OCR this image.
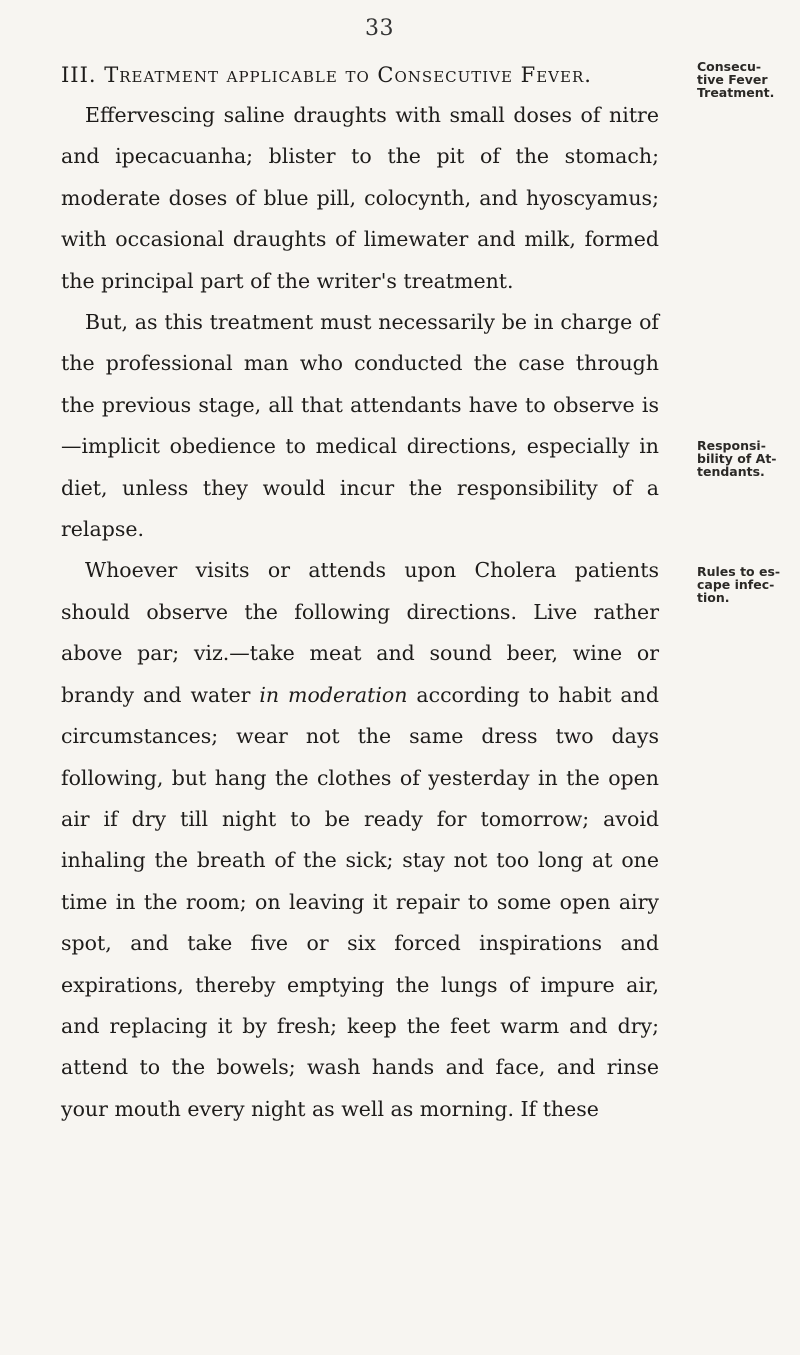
33

III. Treatment applicable to Consecutive Fever.

Effervescing saline draughts with small doses of nitre and ipecacuanha; blister to the pit of the stomach; moderate doses of blue pill, colocynth, and hyoscyamus; with occasional draughts of limewater and milk, formed the principal part of the writer's treatment.

But, as this treatment must necessarily be in charge of the professional man who conducted the case through the previous stage, all that attendants have to observe is—implicit obedience to medical directions, especially in diet, unless they would incur the responsibility of a relapse.

Whoever visits or attends upon Cholera patients should observe the following directions. Live rather above par; viz.—take meat and sound beer, wine or brandy and water in moderation according to habit and circumstances; wear not the same dress two days following, but hang the clothes of yesterday in the open air if dry till night to be ready for tomorrow; avoid inhaling the breath of the sick; stay not too long at one time in the room; on leaving it repair to some open airy spot, and take five or six forced inspirations and expirations, thereby emptying the lungs of impure air, and replacing it by fresh; keep the feet warm and dry; attend to the bowels; wash hands and face, and rinse your mouth every night as well as morning. If these

Consecu-
tive Fever
Treatment.
Responsi-
bility of At-
tendants.
Rules to es-
cape infec-
tion.
